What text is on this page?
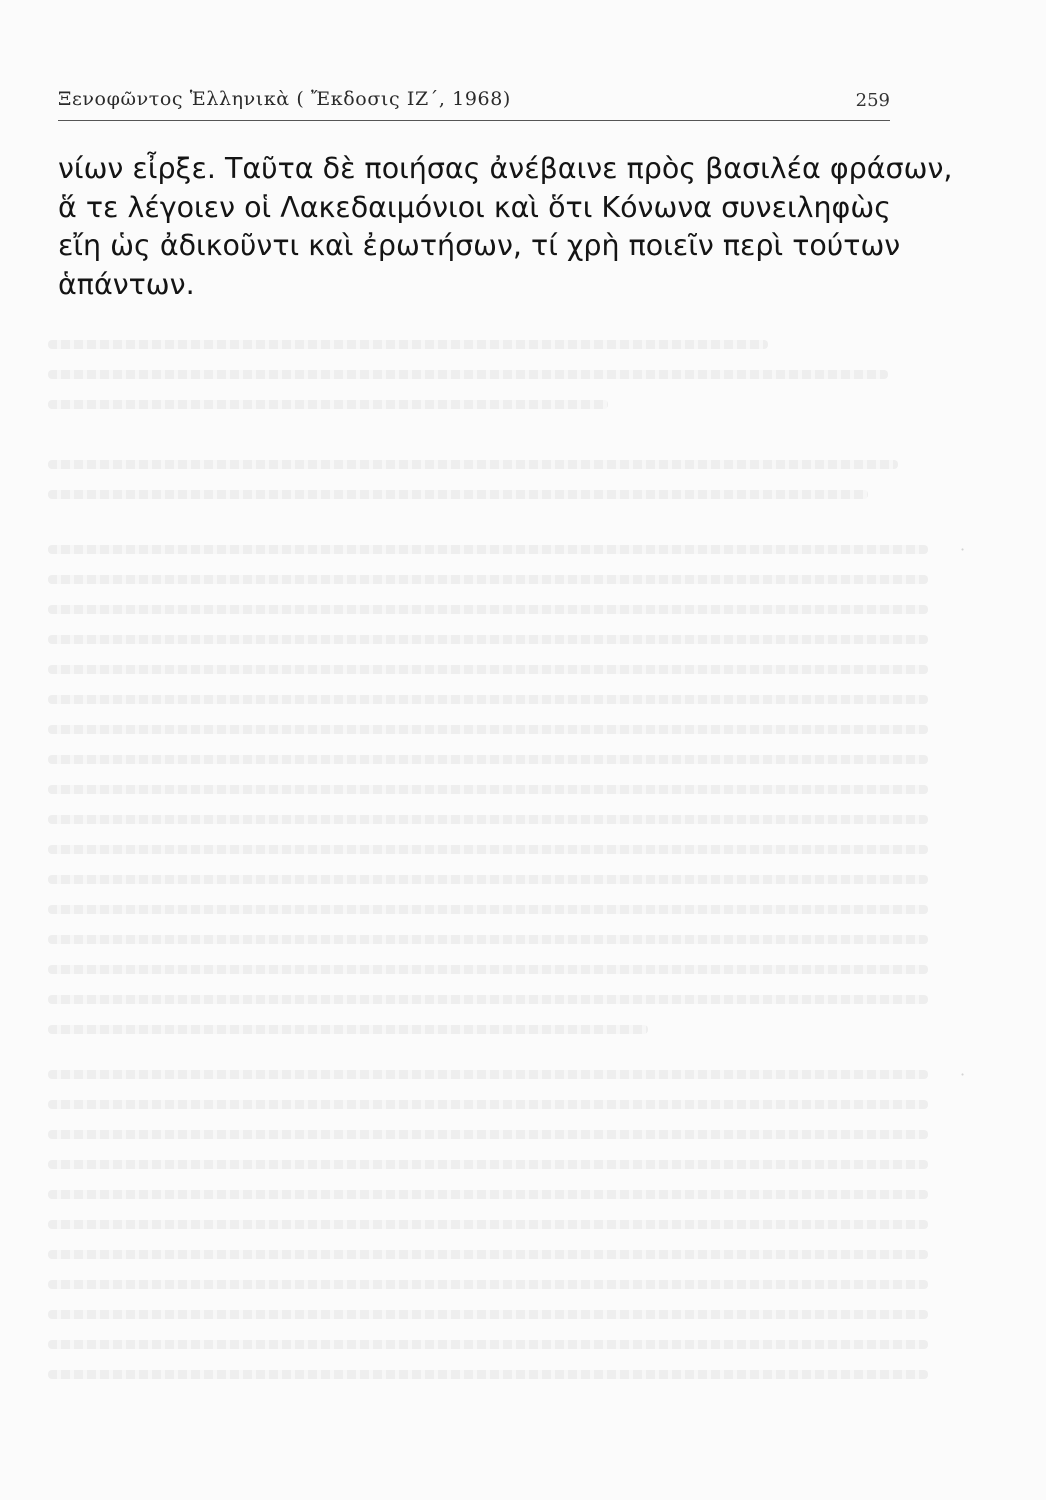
·
·
Ξενοφῶντος Ἑλληνικὰ ( Ἔκδοσις ΙΖ΄, 1968)	259
νίων εἶρξε. Ταῦτα δὲ ποιήσας ἀνέβαινε πρὸς βασιλέα φράσων,
ἅ τε λέγοιεν οἱ Λακεδαιμόνιοι καὶ ὅτι Κόνωνα συνειληφὼς
εἴη ὡς ἀδικοῦντι καὶ ἐρωτήσων, τί χρὴ ποιεῖν περὶ τούτων
ἁπάντων.
